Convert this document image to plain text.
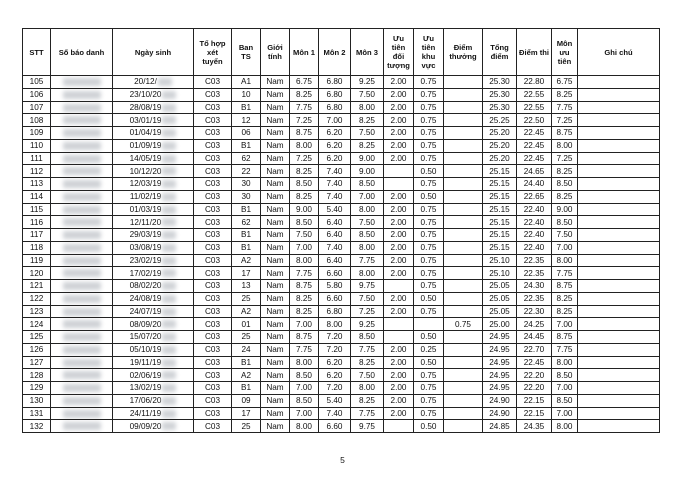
STT	Số báo danh	Ngày sinh	Tổ hợp xét tuyển	Ban TS	Giới tính	Môn 1	Môn 2	Môn 3	Ưu tiên đối tượng	Ưu tiên khu vực	Điểm thưởng	Tổng điểm	Điểm thi	Môn ưu tiên	Ghi chú
105		20/12/	C03	A1	Nam	6.75	6.80	9.25	2.00	0.75		25.30	22.80	6.75	
106		23/10/20	C03	10	Nam	8.25	6.80	7.50	2.00	0.75		25.30	22.55	8.25	
107		28/08/19	C03	B1	Nam	7.75	6.80	8.00	2.00	0.75		25.30	22.55	7.75	
108		03/01/19	C03	12	Nam	7.25	7.00	8.25	2.00	0.75		25.25	22.50	7.25	
109		01/04/19	C03	06	Nam	8.75	6.20	7.50	2.00	0.75		25.20	22.45	8.75	
110		01/09/19	C03	B1	Nam	8.00	6.20	8.25	2.00	0.75		25.20	22.45	8.00	
111		14/05/19	C03	62	Nam	7.25	6.20	9.00	2.00	0.75		25.20	22.45	7.25	
112		10/12/20	C03	22	Nam	8.25	7.40	9.00		0.50		25.15	24.65	8.25	
113		12/03/19	C03	30	Nam	8.50	7.40	8.50		0.75		25.15	24.40	8.50	
114		11/02/19	C03	30	Nam	8.25	7.40	7.00	2.00	0.50		25.15	22.65	8.25	
115		01/03/19	C03	B1	Nam	9.00	5.40	8.00	2.00	0.75		25.15	22.40	9.00	
116		12/11/20	C03	62	Nam	8.50	6.40	7.50	2.00	0.75		25.15	22.40	8.50	
117		29/03/19	C03	B1	Nam	7.50	6.40	8.50	2.00	0.75		25.15	22.40	7.50	
118		03/08/19	C03	B1	Nam	7.00	7.40	8.00	2.00	0.75		25.15	22.40	7.00	
119		23/02/19	C03	A2	Nam	8.00	6.40	7.75	2.00	0.75		25.10	22.35	8.00	
120		17/02/19	C03	17	Nam	7.75	6.60	8.00	2.00	0.75		25.10	22.35	7.75	
121		08/02/20	C03	13	Nam	8.75	5.80	9.75		0.75		25.05	24.30	8.75	
122		24/08/19	C03	25	Nam	8.25	6.60	7.50	2.00	0.50		25.05	22.35	8.25	
123		24/07/19	C03	A2	Nam	8.25	6.80	7.25	2.00	0.75		25.05	22.30	8.25	
124		08/09/20	C03	01	Nam	7.00	8.00	9.25			0.75	25.00	24.25	7.00	
125		15/07/20	C03	25	Nam	8.75	7.20	8.50		0.50		24.95	24.45	8.75	
126		05/10/19	C03	24	Nam	7.75	7.20	7.75	2.00	0.25		24.95	22.70	7.75	
127		19/11/19	C03	B1	Nam	8.00	6.20	8.25	2.00	0.50		24.95	22.45	8.00	
128		02/06/19	C03	A2	Nam	8.50	6.20	7.50	2.00	0.75		24.95	22.20	8.50	
129		13/02/19	C03	B1	Nam	7.00	7.20	8.00	2.00	0.75		24.95	22.20	7.00	
130		17/06/20	C03	09	Nam	8.50	5.40	8.25	2.00	0.75		24.90	22.15	8.50	
131		24/11/19	C03	17	Nam	7.00	7.40	7.75	2.00	0.75		24.90	22.15	7.00	
132		09/09/20	C03	25	Nam	8.00	6.60	9.75		0.50		24.85	24.35	8.00	
5
